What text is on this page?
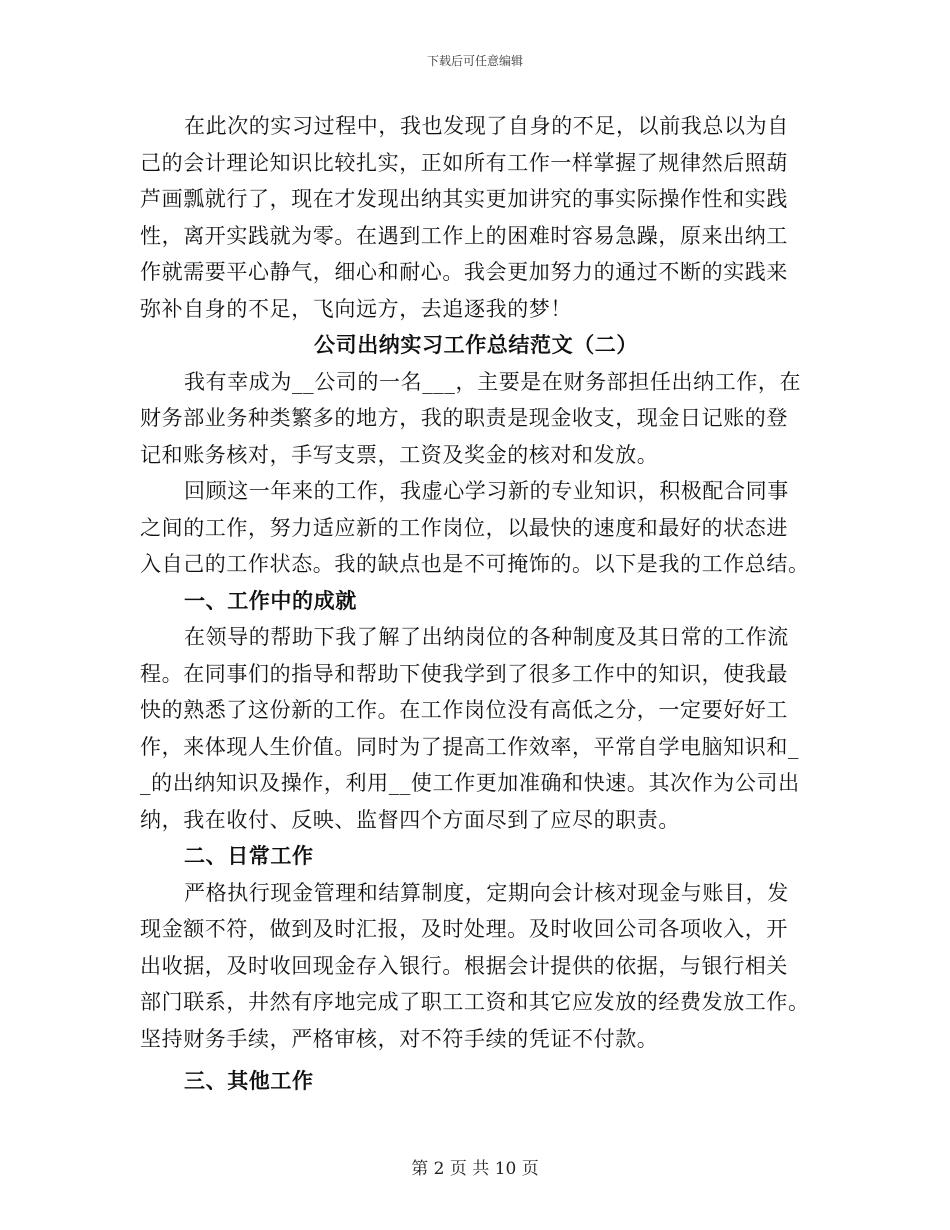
下载后可任意编辑
在此次的实习过程中，我也发现了自身的不足，以前我总以为自
己的会计理论知识比较扎实，正如所有工作一样掌握了规律然后照葫
芦画瓢就行了，现在才发现出纳其实更加讲究的事实际操作性和实践
性，离开实践就为零。在遇到工作上的困难时容易急躁，原来出纳工
作就需要平心静气，细心和耐心。我会更加努力的通过不断的实践来
弥补自身的不足，飞向远方，去追逐我的梦！
公司出纳实习工作总结范文（二）
我有幸成为__公司的一名___，主要是在财务部担任出纳工作，在
财务部业务种类繁多的地方，我的职责是现金收支，现金日记账的登
记和账务核对，手写支票，工资及奖金的核对和发放。
回顾这一年来的工作，我虚心学习新的专业知识，积极配合同事
之间的工作，努力适应新的工作岗位，以最快的速度和最好的状态进
入自己的工作状态。我的缺点也是不可掩饰的。以下是我的工作总结。
一、工作中的成就
在领导的帮助下我了解了出纳岗位的各种制度及其日常的工作流
程。在同事们的指导和帮助下使我学到了很多工作中的知识，使我最
快的熟悉了这份新的工作。在工作岗位没有高低之分，一定要好好工
作，来体现人生价值。同时为了提高工作效率，平常自学电脑知识和_
_的出纳知识及操作，利用__使工作更加准确和快速。其次作为公司出
纳，我在收付、反映、监督四个方面尽到了应尽的职责。
二、日常工作
严格执行现金管理和结算制度，定期向会计核对现金与账目，发
现金额不符，做到及时汇报，及时处理。及时收回公司各项收入，开
出收据，及时收回现金存入银行。根据会计提供的依据，与银行相关
部门联系，井然有序地完成了职工工资和其它应发放的经费发放工作。
坚持财务手续，严格审核，对不符手续的凭证不付款。
三、其他工作
第 2 页 共 10 页
